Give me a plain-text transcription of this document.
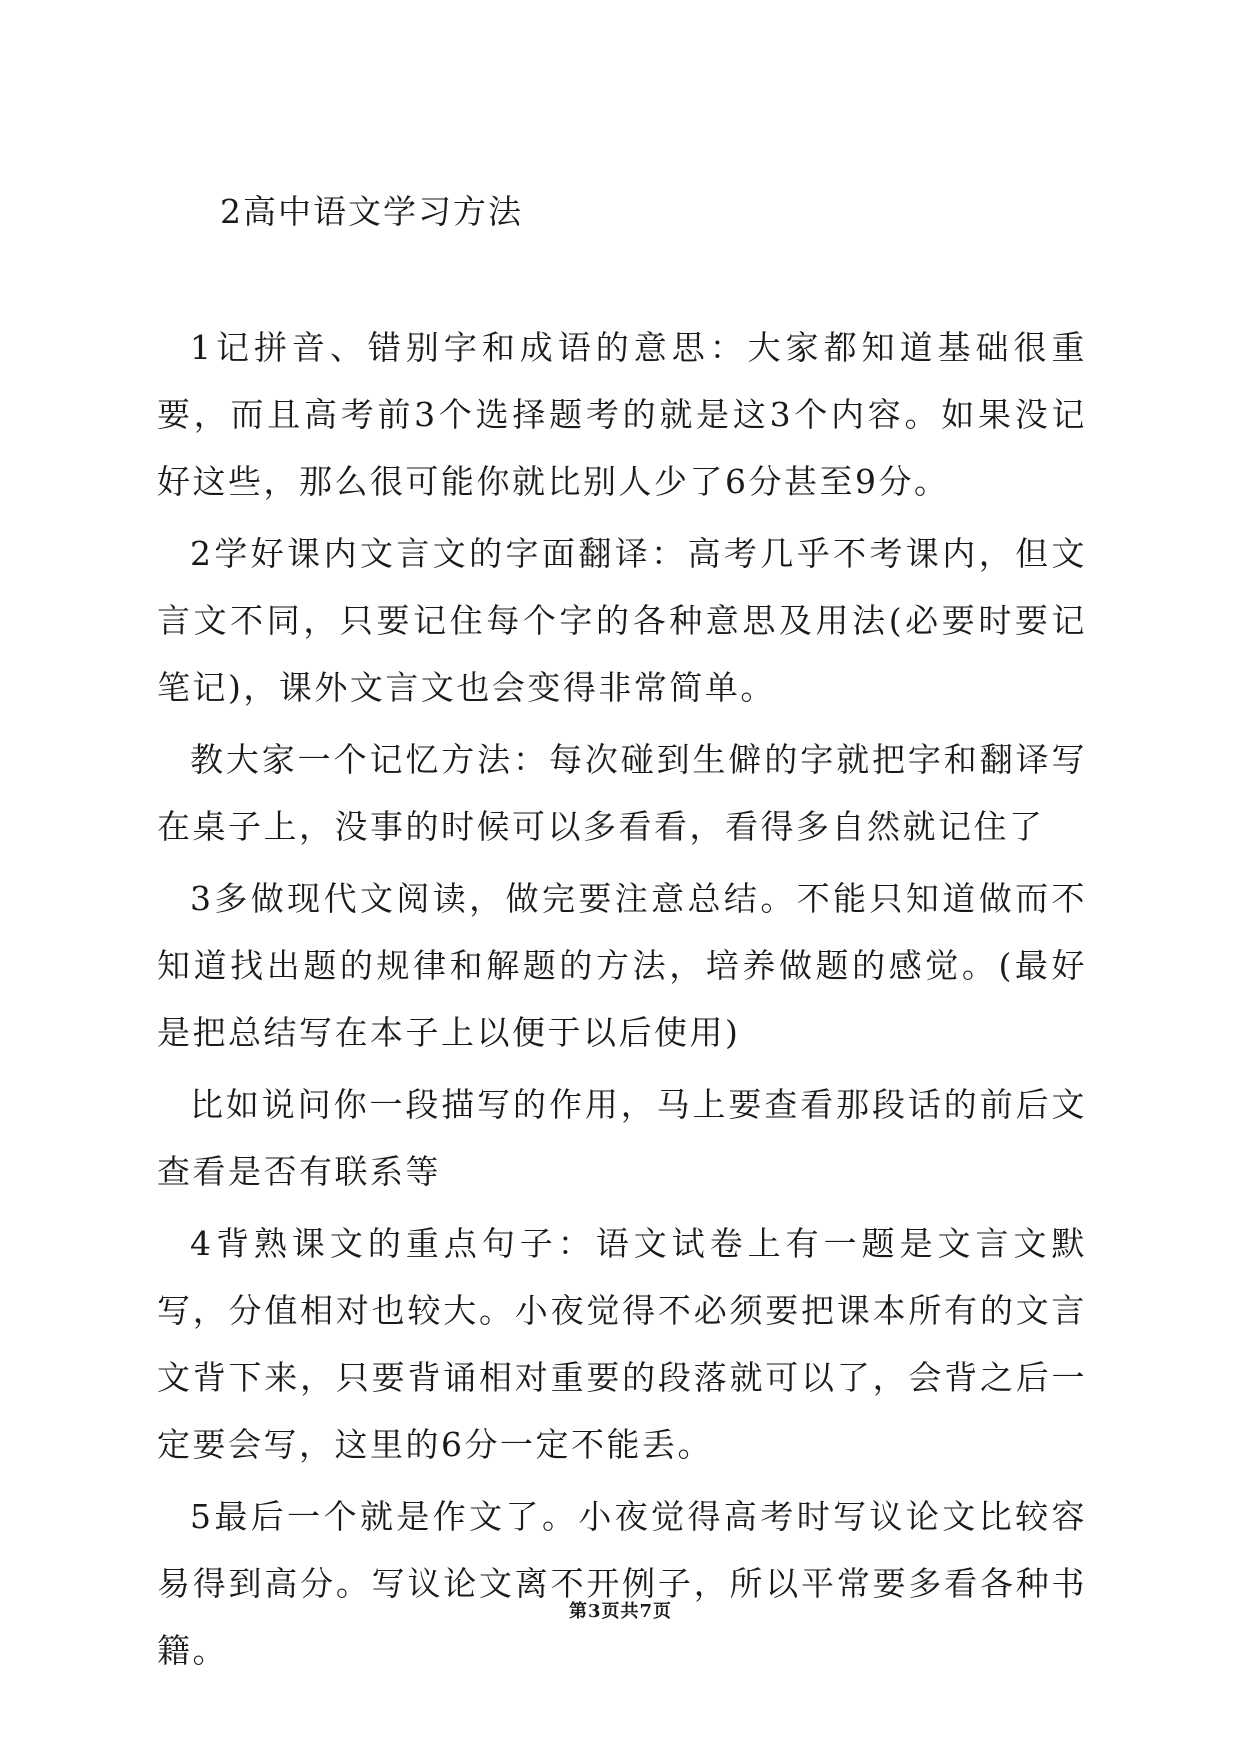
2高中语文学习方法

1记拼音、错别字和成语的意思：大家都知道基础很重要，而且高考前3个选择题考的就是这3个内容。如果没记好这些，那么很可能你就比别人少了6分甚至9分。

2学好课内文言文的字面翻译：高考几乎不考课内，但文言文不同，只要记住每个字的各种意思及用法(必要时要记笔记)，课外文言文也会变得非常简单。

教大家一个记忆方法：每次碰到生僻的字就把字和翻译写在桌子上，没事的时候可以多看看，看得多自然就记住了

3多做现代文阅读，做完要注意总结。不能只知道做而不知道找出题的规律和解题的方法，培养做题的感觉。(最好是把总结写在本子上以便于以后使用)

比如说问你一段描写的作用，马上要查看那段话的前后文查看是否有联系等

4背熟课文的重点句子：语文试卷上有一题是文言文默写，分值相对也较大。小夜觉得不必须要把课本所有的文言文背下来，只要背诵相对重要的段落就可以了，会背之后一定要会写，这里的6分一定不能丢。

5最后一个就是作文了。小夜觉得高考时写议论文比较容易得到高分。写议论文离不开例子，所以平常要多看各种书籍。

第3页共7页
